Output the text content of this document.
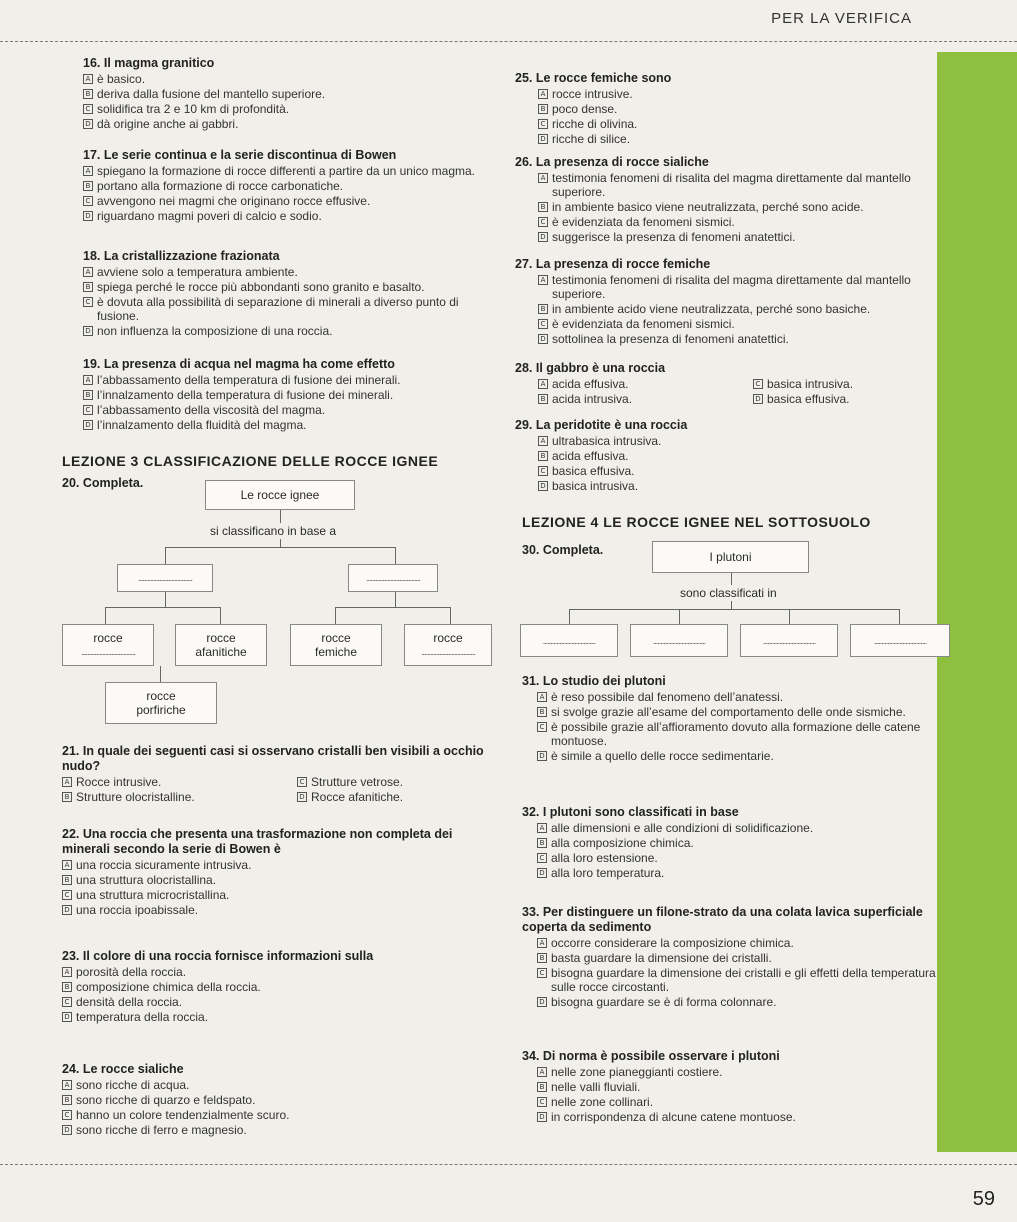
PER LA VERIFICA
16. Il magma granitico
A è basico.
B deriva dalla fusione del mantello superiore.
C solidifica tra 2 e 10 km di profondità.
D dà origine anche ai gabbri.
17. Le serie continua e la serie discontinua di Bowen
A spiegano la formazione di rocce differenti a partire da un unico magma.
B portano alla formazione di rocce carbonatiche.
C avvengono nei magmi che originano rocce effusive.
D riguardano magmi poveri di calcio e sodio.
18. La cristallizzazione frazionata
A avviene solo a temperatura ambiente.
B spiega perché le rocce più abbondanti sono granito e basalto.
C è dovuta alla possibilità di separazione di minerali a diverso punto di fusione.
D non influenza la composizione di una roccia.
19. La presenza di acqua nel magma ha come effetto
A l’abbassamento della temperatura di fusione dei minerali.
B l’innalzamento della temperatura di fusione dei minerali.
C l’abbassamento della viscosità del magma.
D l’innalzamento della fluidità del magma.
LEZIONE 3 CLASSIFICAZIONE DELLE ROCCE IGNEE
20. Completa.
Le rocce ignee
si classificano in base a
....................................	....................................
rocce
....................................
rocce afanitiche
rocce femiche
rocce
....................................
rocce porfiriche
21. In quale dei seguenti casi si osservano cristalli ben visibili a occhio nudo?
A Rocce intrusive.	C Strutture vetrose.
B Strutture olocristalline.	D Rocce afanitiche.
22. Una roccia che presenta una trasformazione non completa dei minerali secondo la serie di Bowen è
A una roccia sicuramente intrusiva.
B una struttura olocristallina.
C una struttura microcristallina.
D una roccia ipoabissale.
23. Il colore di una roccia fornisce informazioni sulla
A porosità della roccia.
B composizione chimica della roccia.
C densità della roccia.
D temperatura della roccia.
24. Le rocce sialiche
A sono ricche di acqua.
B sono ricche di quarzo e feldspato.
C hanno un colore tendenzialmente scuro.
D sono ricche di ferro e magnesio.
25. Le rocce femiche sono
A rocce intrusive.
B poco dense.
C ricche di olivina.
D ricche di silice.
26. La presenza di rocce sialiche
A testimonia fenomeni di risalita del magma direttamente dal mantello superiore.
B in ambiente basico viene neutralizzata, perché sono acide.
C è evidenziata da fenomeni sismici.
D suggerisce la presenza di fenomeni anatettici.
27. La presenza di rocce femiche
A testimonia fenomeni di risalita del magma direttamente dal mantello superiore.
B in ambiente acido viene neutralizzata, perché sono basiche.
C è evidenziata da fenomeni sismici.
D sottolinea la presenza di fenomeni anatettici.
28. Il gabbro è una roccia
A acida effusiva.
B acida intrusiva.
C basica intrusiva.
D basica effusiva.
29. La peridotite è una roccia
A ultrabasica intrusiva.
B acida effusiva.
C basica effusiva.
D basica intrusiva.
LEZIONE 4 LE ROCCE IGNEE NEL SOTTOSUOLO
30. Completa.	I plutoni
sono classificati in
...................................	...................................	...................................	...................................
31. Lo studio dei plutoni
A è reso possibile dal fenomeno dell’anatessi.
B si svolge grazie all’esame del comportamento delle onde sismiche.
C è possibile grazie all’affioramento dovuto alla formazione delle catene montuose.
D è simile a quello delle rocce sedimentarie.
32. I plutoni sono classificati in base
A alle dimensioni e alle condizioni di solidificazione.
B alla composizione chimica.
C alla loro estensione.
D alla loro temperatura.
33. Per distinguere un filone-strato da una colata lavica superficiale coperta da sedimento
A occorre considerare la composizione chimica.
B basta guardare la dimensione dei cristalli.
C bisogna guardare la dimensione dei cristalli e gli effetti della temperatura sulle rocce circostanti.
D bisogna guardare se è di forma colonnare.
34. Di norma è possibile osservare i plutoni
A nelle zone pianeggianti costiere.
B nelle valli fluviali.
C nelle zone collinari.
D in corrispondenza di alcune catene montuose.
59
